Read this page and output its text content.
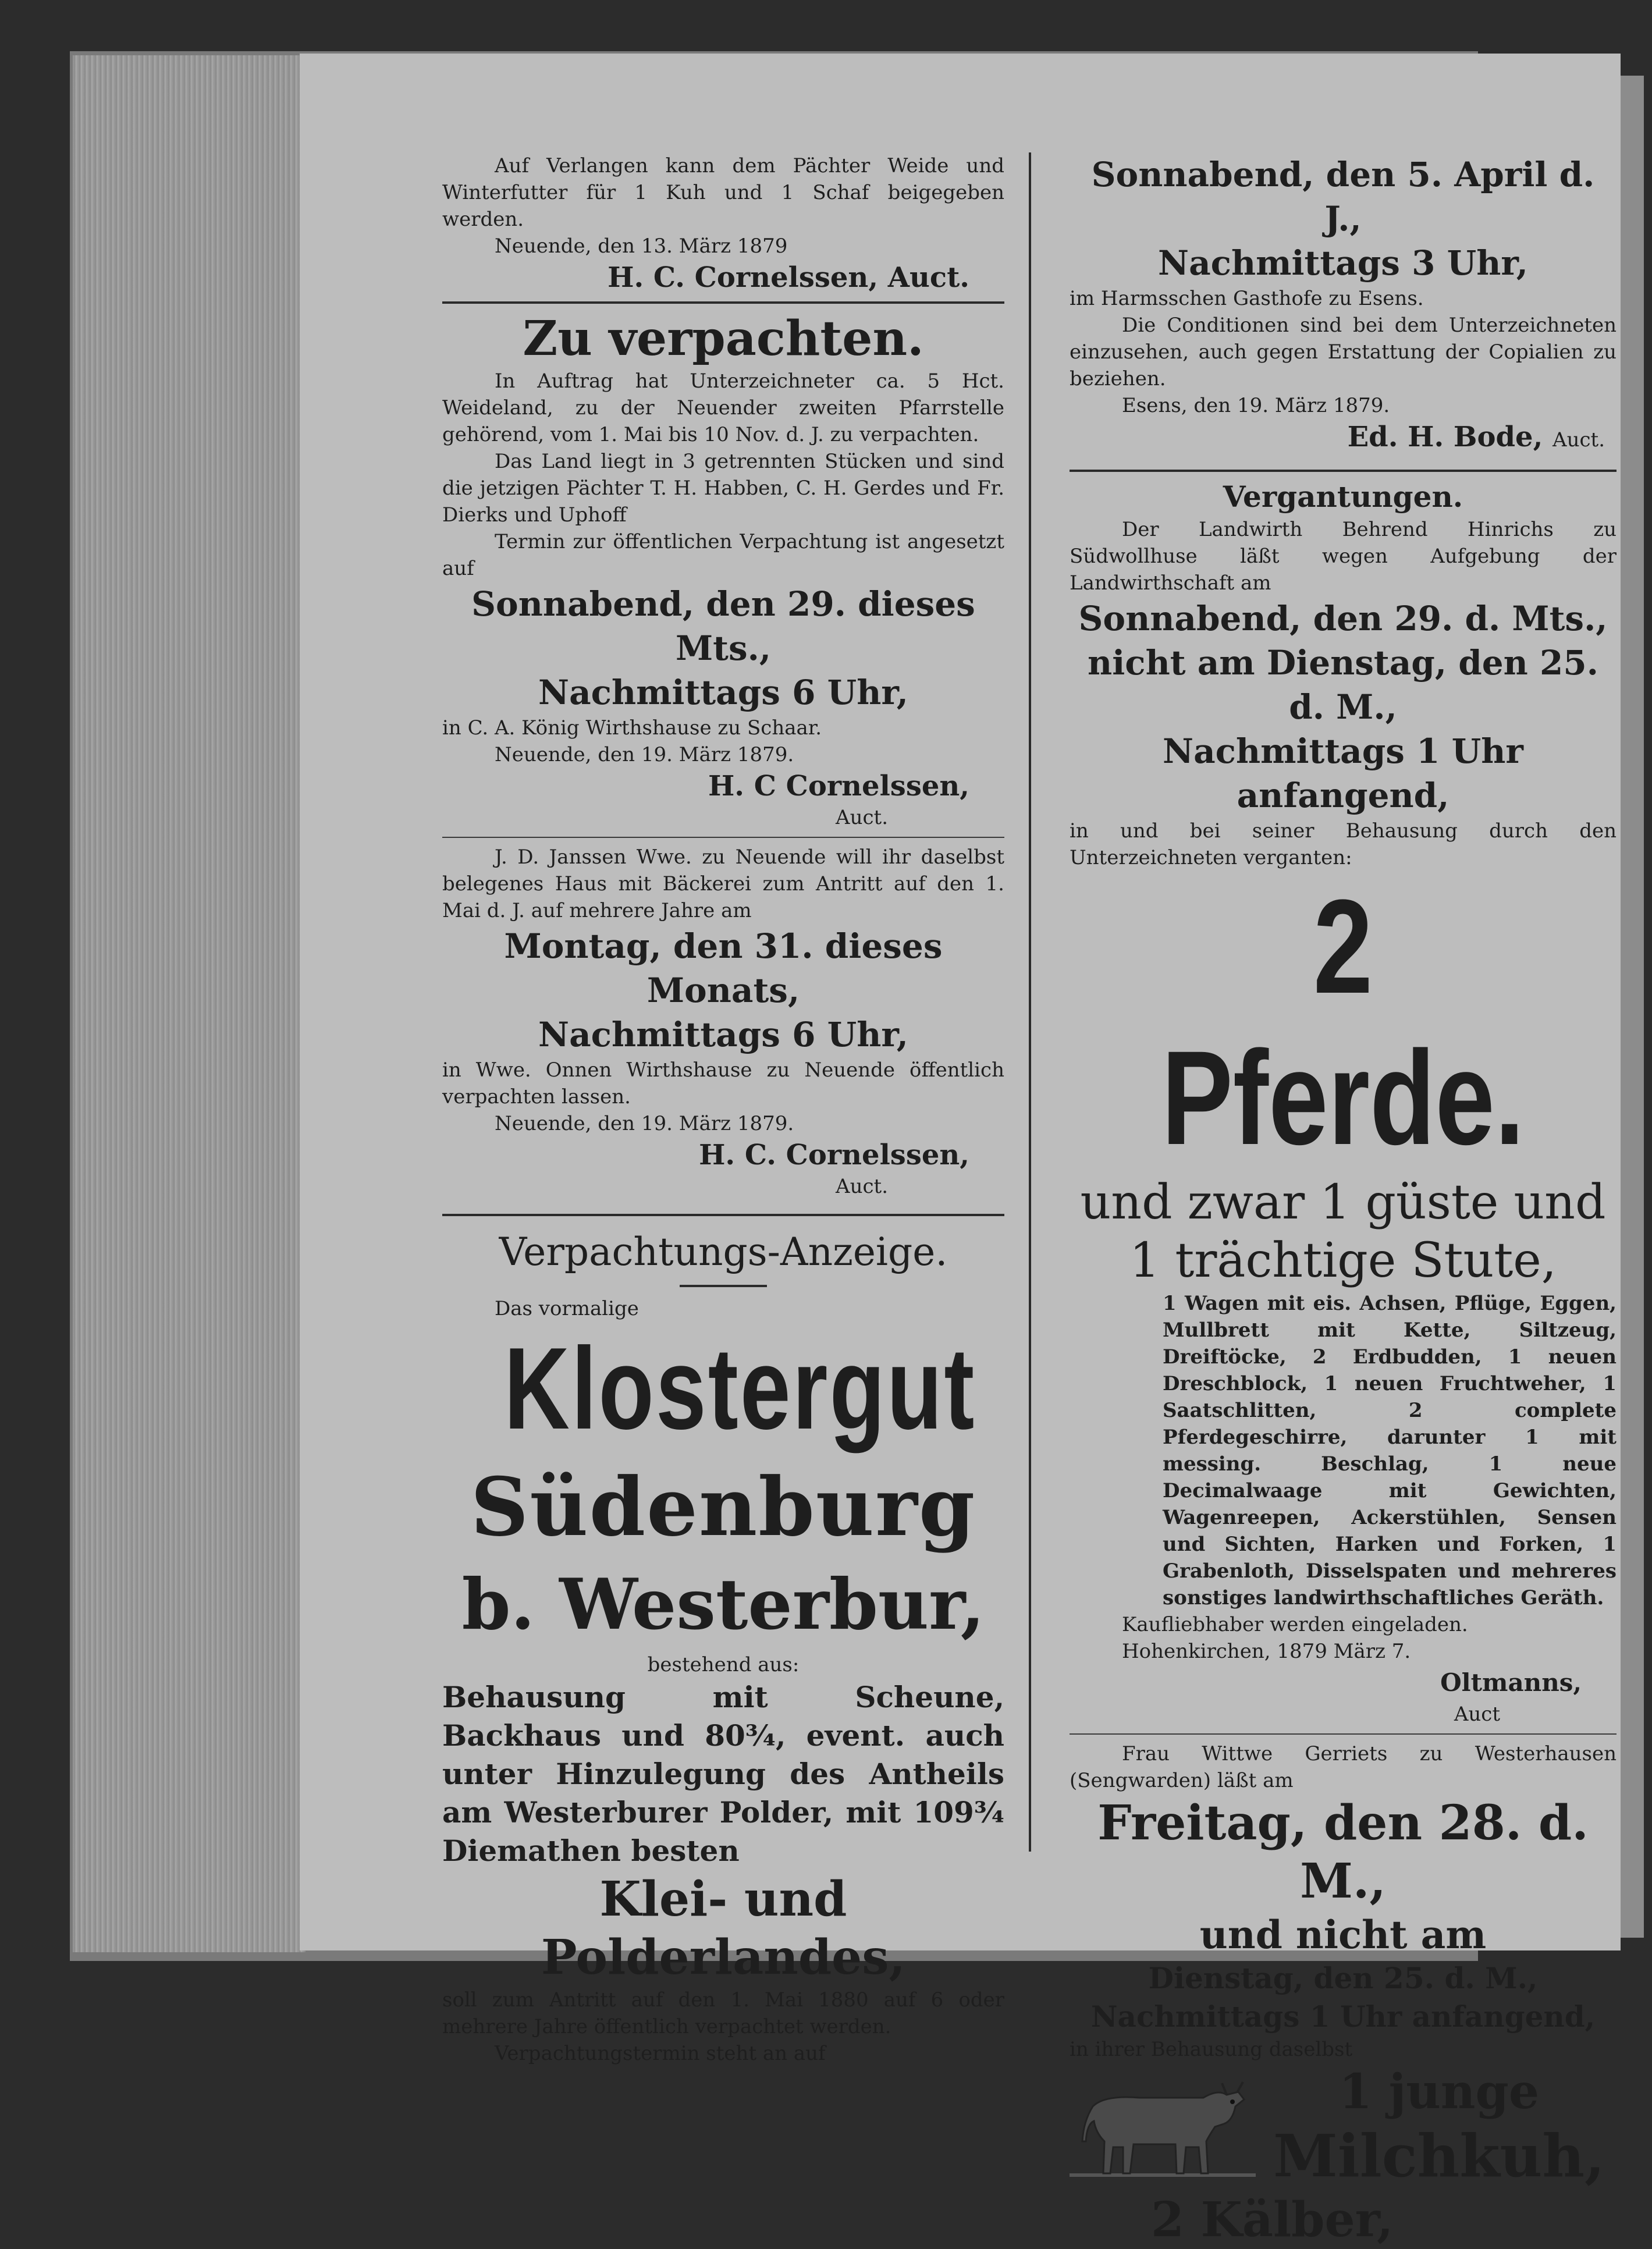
Auf Verlangen kann dem Pächter Weide und Winterfutter für 1 Kuh und 1 Schaf beigegeben werden.

Neuende, den 13. März 1879

H. C. Cornelssen, Auct.

Zu verpachten.

In Auftrag hat Unterzeichneter ca. 5 Hct. Weideland, zu der Neuender zweiten Pfarrstelle gehörend, vom 1. Mai bis 10 Nov. d. J. zu verpachten.

Das Land liegt in 3 getrennten Stücken und sind die jetzigen Pächter T. H. Habben, C. H. Gerdes und Fr. Dierks und Uphoff

Termin zur öffentlichen Verpachtung ist angesetzt auf

Sonnabend, den 29. dieses Mts.,

Nachmittags 6 Uhr,

in C. A. König Wirthshause zu Schaar.

Neuende, den 19. März 1879.

H. C Cornelssen,

Auct.

J. D. Janssen Wwe. zu Neuende will ihr daselbst belegenes Haus mit Bäckerei zum Antritt auf den 1. Mai d. J. auf mehrere Jahre am

Montag, den 31. dieses Monats,

Nachmittags 6 Uhr,

in Wwe. Onnen Wirthshause zu Neuende öffentlich verpachten lassen.

Neuende, den 19. März 1879.

H. C. Cornelssen,

Auct.

Verpachtungs-Anzeige.

Das vormalige

Klostergut

Südenburg

b. Westerbur,

bestehend aus:

Behausung mit Scheune, Backhaus und 80¾, event. auch unter Hinzulegung des Antheils am Westerburer Polder, mit 109¾ Diemathen besten

Klei- und Polderlandes,

soll zum Antritt auf den 1. Mai 1880 auf 6 oder mehrere Jahre öffentlich verpachtet werden.

Verpachtungstermin steht an auf

Sonnabend, den 5. April d. J.,

Nachmittags 3 Uhr,

im Harmsschen Gasthofe zu Esens.

Die Conditionen sind bei dem Unterzeichneten einzusehen, auch gegen Erstattung der Copialien zu beziehen.

Esens, den 19. März 1879.

Ed. H. Bode, Auct.

Vergantungen.

Der Landwirth Behrend Hinrichs zu Südwollhuse läßt wegen Aufgebung der Landwirthschaft am

Sonnabend, den 29. d. Mts.,

nicht am Dienstag, den 25. d. M.,

Nachmittags 1 Uhr anfangend,

in und bei seiner Behausung durch den Unterzeichneten verganten:

2 Pferde.

und zwar 1 güste und

1 trächtige Stute,

1 Wagen mit eis. Achsen, Pflüge, Eggen, Mullbrett mit Kette, Siltzeug, Dreiftöcke, 2 Erdbudden, 1 neuen Dreschblock, 1 neuen Fruchtweher, 1 Saatschlitten, 2 complete Pferdegeschirre, darunter 1 mit messing. Beschlag, 1 neue Decimalwaage mit Gewichten, Wagenreepen, Ackerstühlen, Sensen und Sichten, Harken und Forken, 1 Grabenloth, Disselspaten und mehreres sonstiges landwirthschaftliches Geräth.

Kaufliebhaber werden eingeladen.

Hohenkirchen, 1879 März 7.

Oltmanns,

Auct

Frau Wittwe Gerriets zu Westerhausen (Sengwarden) läßt am

Freitag, den 28. d. M.,

und nicht am

Dienstag, den 25. d. M.,

Nachmittags 1 Uhr anfangend,

in ihrer Behausung daselbst

1 junge

Milchkuh,

2 Kälber,
